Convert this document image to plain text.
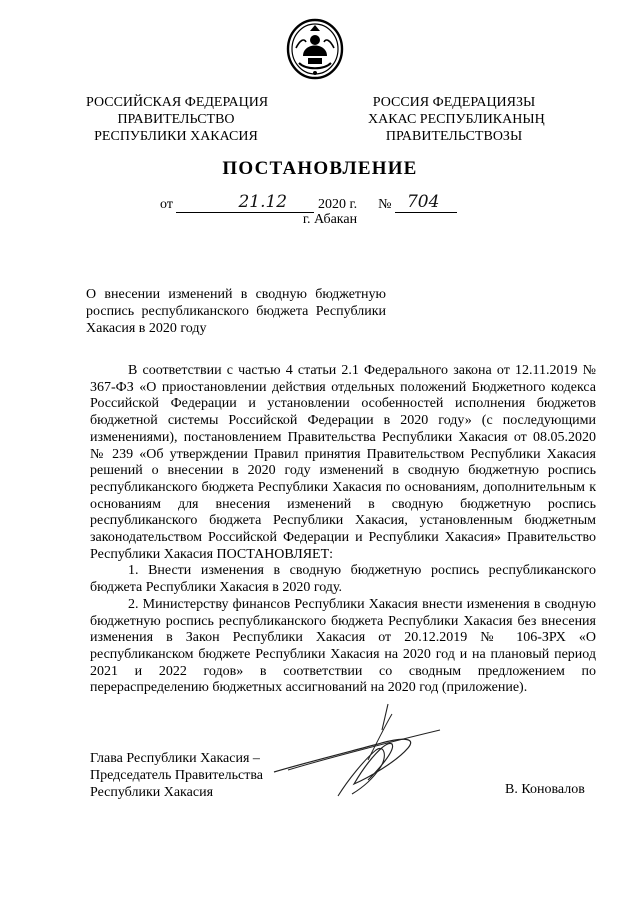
РОССИЙСКАЯ ФЕДЕРАЦИЯ
ПРАВИТЕЛЬСТВО
РЕСПУБЛИКИ ХАКАСИЯ
РОССИЯ ФЕДЕРАЦИЯЗЫ
ХАКАС РЕСПУБЛИКАНЫҢ
ПРАВИТЕЛЬСТВОЗЫ
ПОСТАНОВЛЕНИЕ
от	21.12 2020 г. № 704
г. Абакан
О внесении изменений в сводную бюджетную роспись республиканского бюджета Республики Хакасия в 2020 году

В соответствии с частью 4 статьи 2.1 Федерального закона от 12.11.2019 № 367-ФЗ «О приостановлении действия отдельных положений Бюджетного кодекса Российской Федерации и установлении особенностей исполнения бюджетов бюджетной системы Российской Федерации в 2020 году» (с последующими изменениями), постановлением Правительства Республики Хакасия от 08.05.2020 № 239 «Об утверждении Правил принятия Правительством Республики Хакасия решений о внесении в 2020 году изменений в сводную бюджетную роспись республиканского бюджета Республики Хакасия по основаниям, дополнительным к основаниям для внесения изменений в сводную бюджетную роспись республиканского бюджета Республики Хакасия, установленным бюджетным законодательством Российской Федерации и Республики Хакасия» Правительство Республики Хакасия ПОСТАНОВЛЯЕТ:

1. Внести изменения в сводную бюджетную роспись республиканского бюджета Республики Хакасия в 2020 году.

2. Министерству финансов Республики Хакасия внести изменения в сводную бюджетную роспись республиканского бюджета Республики Хакасия без внесения изменения в Закон Республики Хакасия от 20.12.2019 № 106-ЗРХ «О республиканском бюджете Республики Хакасия на 2020 год и на плановый период 2021 и 2022 годов» в соответствии со сводным предложением по перераспределению бюджетных ассигнований на 2020 год (приложение).

Глава Республики Хакасия –
Председатель Правительства
Республики Хакасия	В. Коновалов
